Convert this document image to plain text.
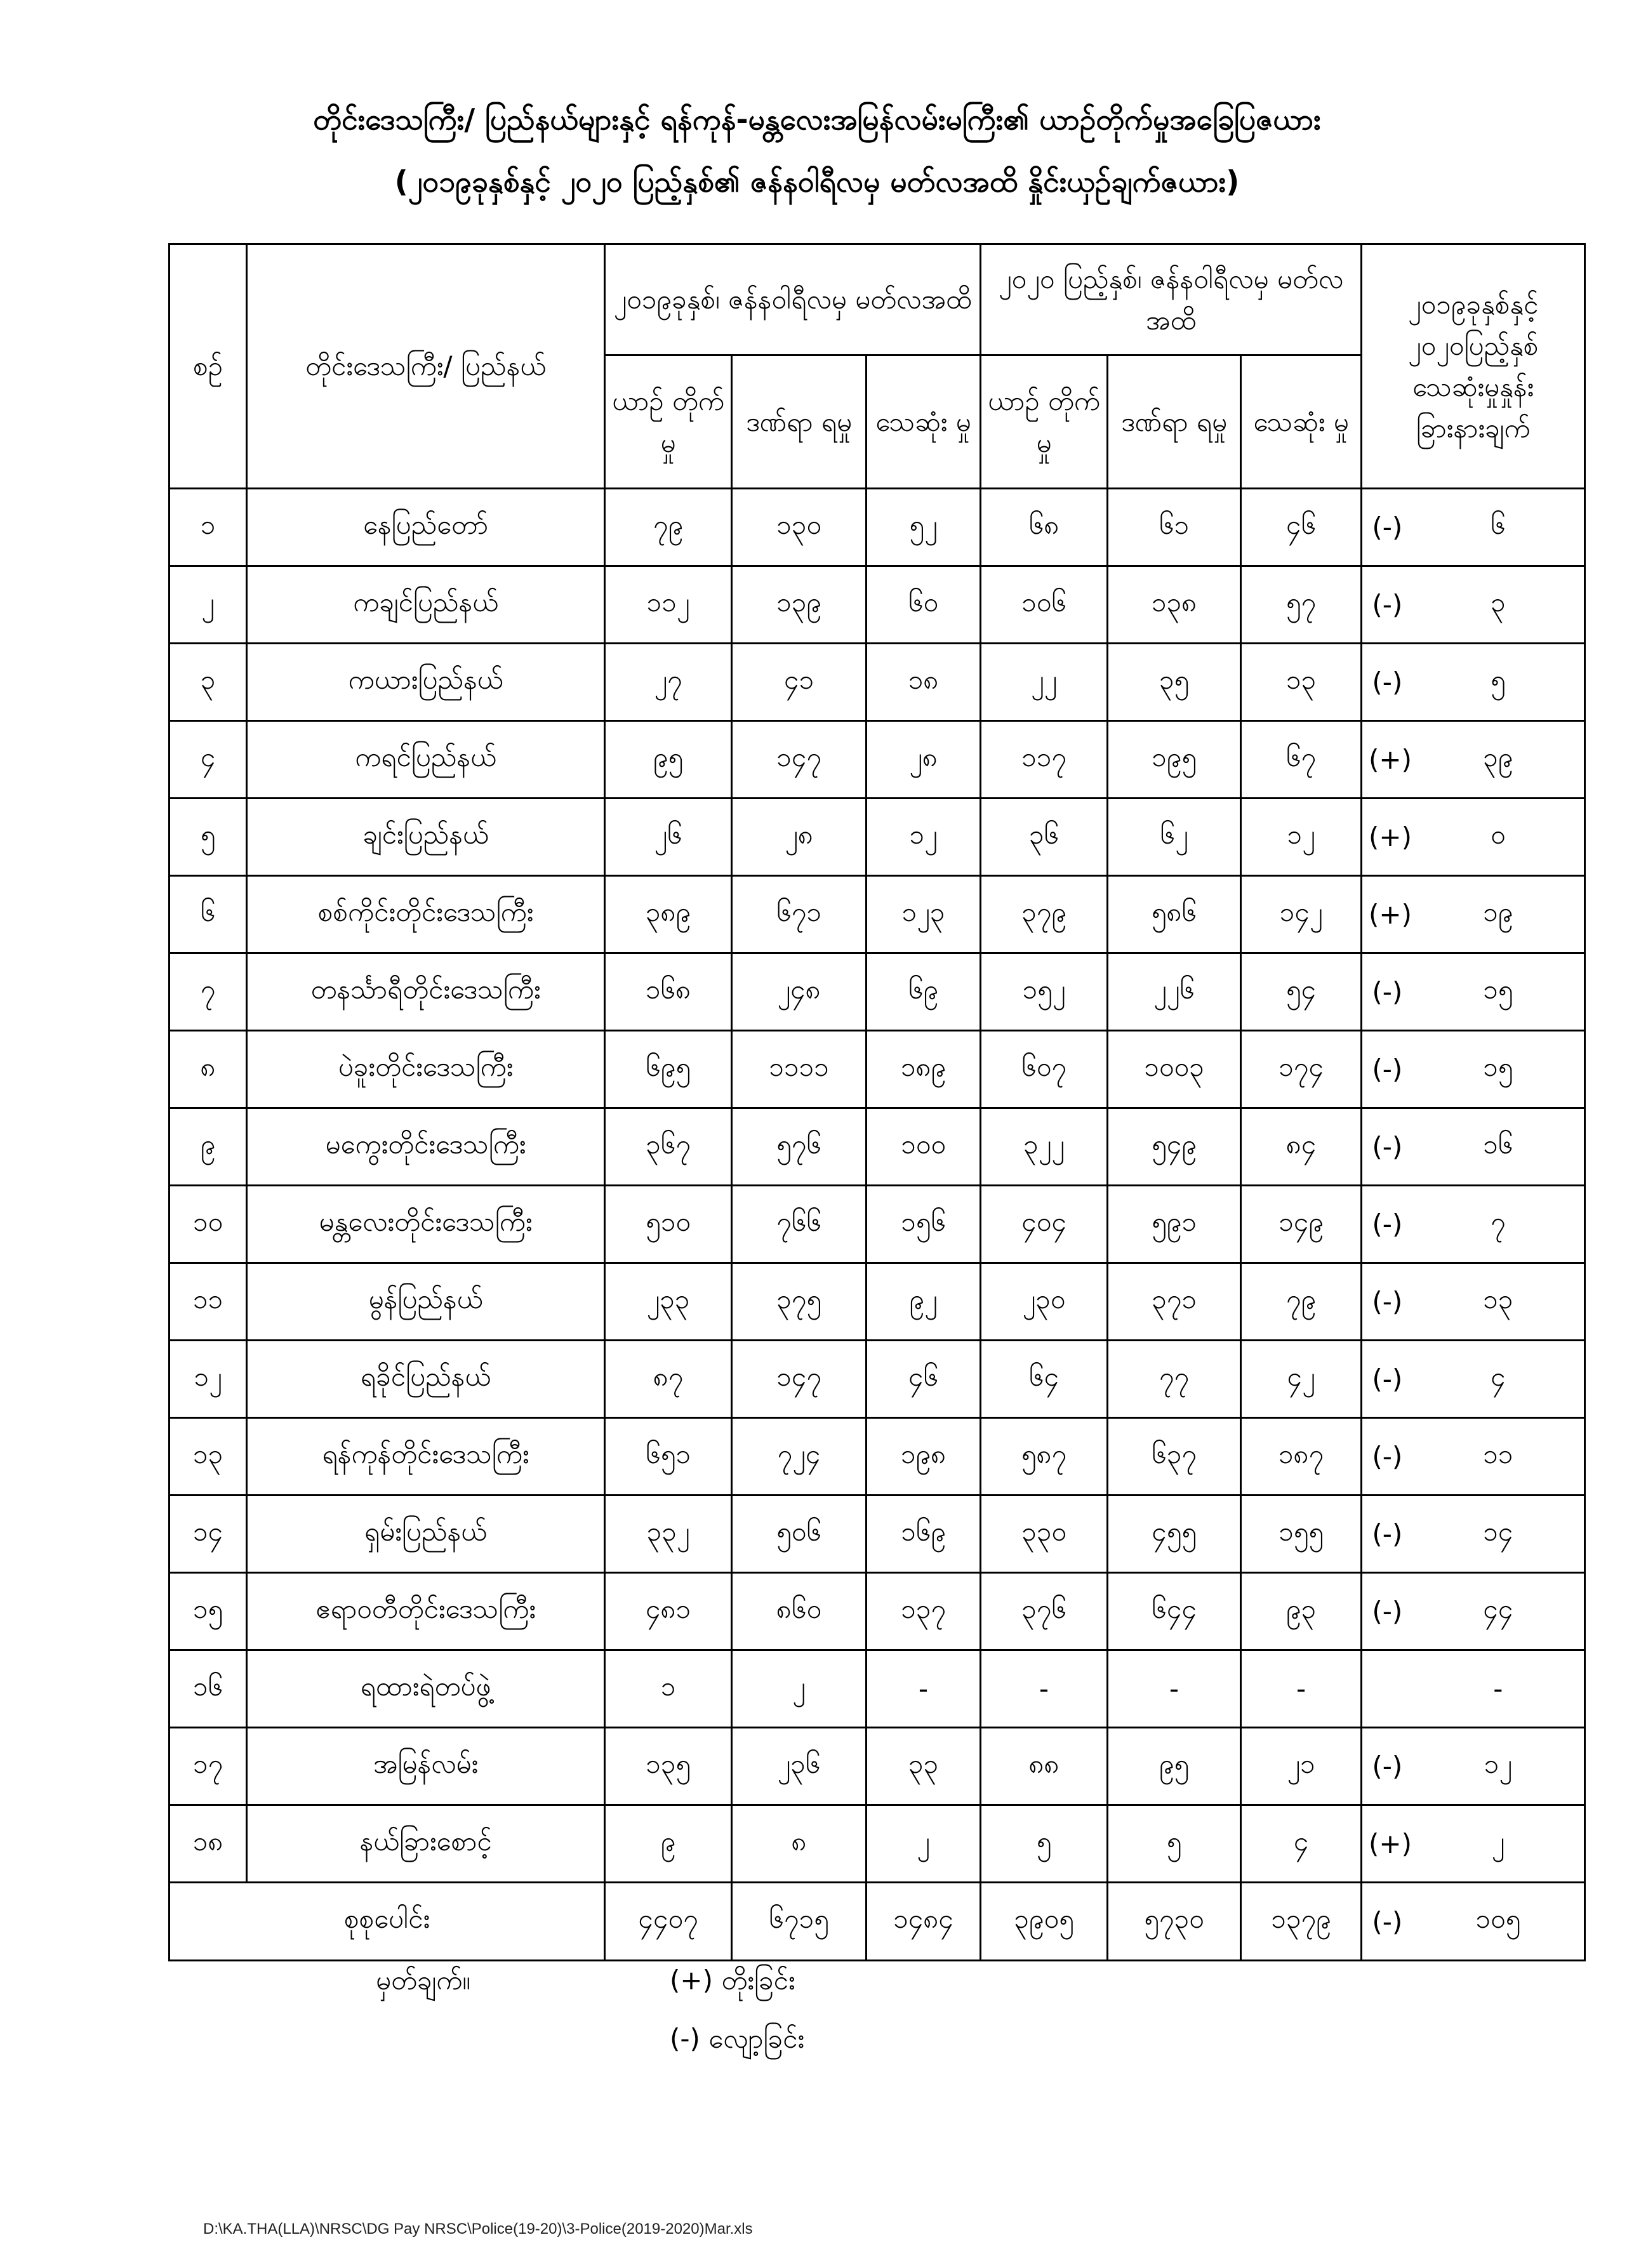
တိုင်းဒေသကြီး/ ပြည်နယ်များနှင့် ရန်ကုန်-မန္တလေးအမြန်လမ်းမကြီး၏ ယာဉ်တိုက်မှုအခြေပြဇယား
(၂၀၁၉ခုနှစ်နှင့် ၂၀၂၀ ပြည့်နှစ်၏ ဇန်နဝါရီလမှ မတ်လအထိ နှိုင်းယှဉ်ချက်ဇယား)
စဉ်	တိုင်းဒေသကြီး/ ပြည်နယ်	၂၀၁၉ခုနှစ်၊ ဇန်နဝါရီလမှ မတ်လအထိ			၂၀၂၀ ပြည့်နှစ်၊ ဇန်နဝါရီလမှ မတ်လအထိ			၂၀၁၉ခုနှစ်နှင့် ၂၀၂၀ပြည့်နှစ် သေဆုံးမှုနှုန်း ခြားနားချက်	
		ယာဉ် တိုက်မှု	ဒဏ်ရာ ရမှု	သေဆုံး မှု	ယာဉ် တိုက်မှု	ဒဏ်ရာ ရမှု	သေဆုံး မှု		
၁	နေပြည်တော်	၇၉	၁၃၀	၅၂	၆၈	၆၁	၄၆	(-)	၆
၂	ကချင်ပြည်နယ်	၁၁၂	၁၃၉	၆၀	၁၀၆	၁၃၈	၅၇	(-)	၃
၃	ကယားပြည်နယ်	၂၇	၄၁	၁၈	၂၂	၃၅	၁၃	(-)	၅
၄	ကရင်ပြည်နယ်	၉၅	၁၄၇	၂၈	၁၁၇	၁၉၅	၆၇	(+)	၃၉
၅	ချင်းပြည်နယ်	၂၆	၂၈	၁၂	၃၆	၆၂	၁၂	(+)	၀
၆	စစ်ကိုင်းတိုင်းဒေသကြီး	၃၈၉	၆၇၁	၁၂၃	၃၇၉	၅၈၆	၁၄၂	(+)	၁၉
၇	တနင်္သာရီတိုင်းဒေသကြီး	၁၆၈	၂၄၈	၆၉	၁၅၂	၂၂၆	၅၄	(-)	၁၅
၈	ပဲခူးတိုင်းဒေသကြီး	၆၉၅	၁၁၁၁	၁၈၉	၆၀၇	၁၀၀၃	၁၇၄	(-)	၁၅
၉	မကွေးတိုင်းဒေသကြီး	၃၆၇	၅၇၆	၁၀၀	၃၂၂	၅၄၉	၈၄	(-)	၁၆
၁၀	မန္တလေးတိုင်းဒေသကြီး	၅၁၀	၇၆၆	၁၅၆	၄၀၄	၅၉၁	၁၄၉	(-)	၇
၁၁	မွန်ပြည်နယ်	၂၃၃	၃၇၅	၉၂	၂၃၀	၃၇၁	၇၉	(-)	၁၃
၁၂	ရခိုင်ပြည်နယ်	၈၇	၁၄၇	၄၆	၆၄	၇၇	၄၂	(-)	၄
၁၃	ရန်ကုန်တိုင်းဒေသကြီး	၆၅၁	၇၂၄	၁၉၈	၅၈၇	၆၃၇	၁၈၇	(-)	၁၁
၁၄	ရှမ်းပြည်နယ်	၃၃၂	၅၀၆	၁၆၉	၃၃၀	၄၅၅	၁၅၅	(-)	၁၄
၁၅	ဧရာဝတီတိုင်းဒေသကြီး	၄၈၁	၈၆၀	၁၃၇	၃၇၆	၆၄၄	၉၃	(-)	၄၄
၁၆	ရထားရဲတပ်ဖွဲ့	၁	၂	-	-	-	-		-
၁၇	အမြန်လမ်း	၁၃၅	၂၃၆	၃၃	၈၈	၉၅	၂၁	(-)	၁၂
၁၈	နယ်ခြားစောင့်	၉	၈	၂	၅	၅	၄	(+)	၂
စုစုပေါင်း		၄၄၀၇	၆၇၁၅	၁၄၈၄	၃၉၀၅	၅၇၃၀	၁၃၇၉	(-)	၁၀၅
မှတ်ချက်။	(+) တိုးခြင်း
(-) လျော့ခြင်း
D:\KA.THA(LLA)\NRSC\DG Pay NRSC\Police(19-20)\3-Police(2019-2020)Mar.xls
